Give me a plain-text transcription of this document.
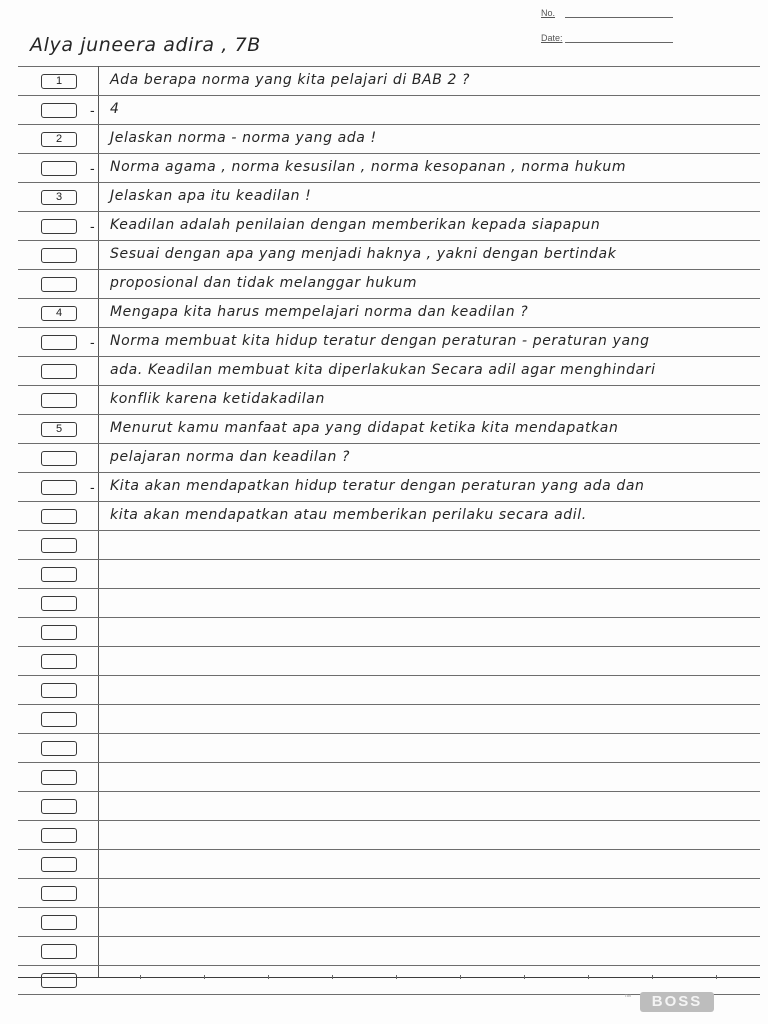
No.
Date:
Alya juneera adira , 7B
1	Ada berapa norma yang kita pelajari di BAB 2 ?
- 4
2	Jelaskan norma - norma yang ada !
- Norma agama , norma kesusilan , norma kesopanan , norma hukum
3	Jelaskan apa itu keadilan !
- Keadilan adalah penilaian dengan memberikan kepada siapapun
Sesuai dengan apa yang menjadi haknya , yakni dengan bertindak
proposional dan tidak melanggar hukum
4	Mengapa kita harus mempelajari norma dan keadilan ?
- Norma membuat kita hidup teratur dengan peraturan - peraturan yang
ada. Keadilan membuat kita diperlakukan Secara adil agar menghindari
konflik karena ketidakadilan
5	Menurut kamu manfaat apa yang didapat ketika kita mendapatkan
pelajaran norma dan keadilan ?
- Kita akan mendapatkan hidup teratur dengan peraturan yang ada dan
kita akan mendapatkan atau memberikan perilaku secara adil.
™	BOSS
